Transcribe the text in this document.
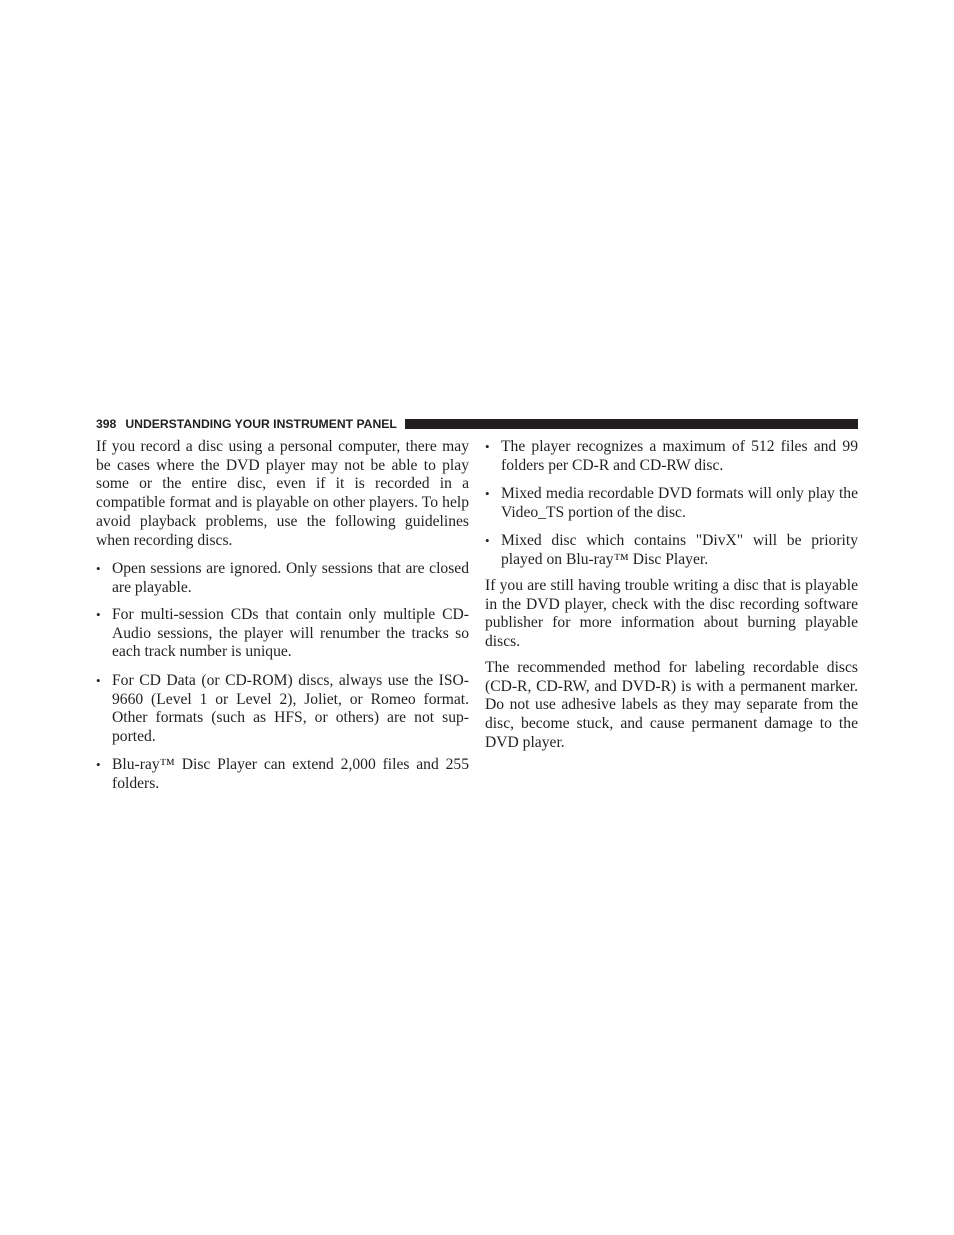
398 UNDERSTANDING YOUR INSTRUMENT PANEL

If you record a disc using a personal computer, there may be cases where the DVD player may not be able to play some or the entire disc, even if it is recorded in a compatible format and is playable on other players. To help avoid playback problems, use the following guidelines when recording discs.

• Open sessions are ignored. Only sessions that are closed are playable.

• For multi-session CDs that contain only multiple CD-Audio sessions, the player will renumber the tracks so each track number is unique.

• For CD Data (or CD-ROM) discs, always use the ISO-9660 (Level 1 or Level 2), Joliet, or Romeo format. Other formats (such as HFS, or others) are not supported.

• Blu-ray™ Disc Player can extend 2,000 files and 255 folders.

• The player recognizes a maximum of 512 files and 99 folders per CD-R and CD-RW disc.

• Mixed media recordable DVD formats will only play the Video_TS portion of the disc.

• Mixed disc which contains "DivX" will be priority played on Blu-ray™ Disc Player.

If you are still having trouble writing a disc that is playable in the DVD player, check with the disc recording software publisher for more information about burning playable discs.

The recommended method for labeling recordable discs (CD-R, CD-RW, and DVD-R) is with a permanent marker. Do not use adhesive labels as they may separate from the disc, become stuck, and cause permanent damage to the DVD player.
